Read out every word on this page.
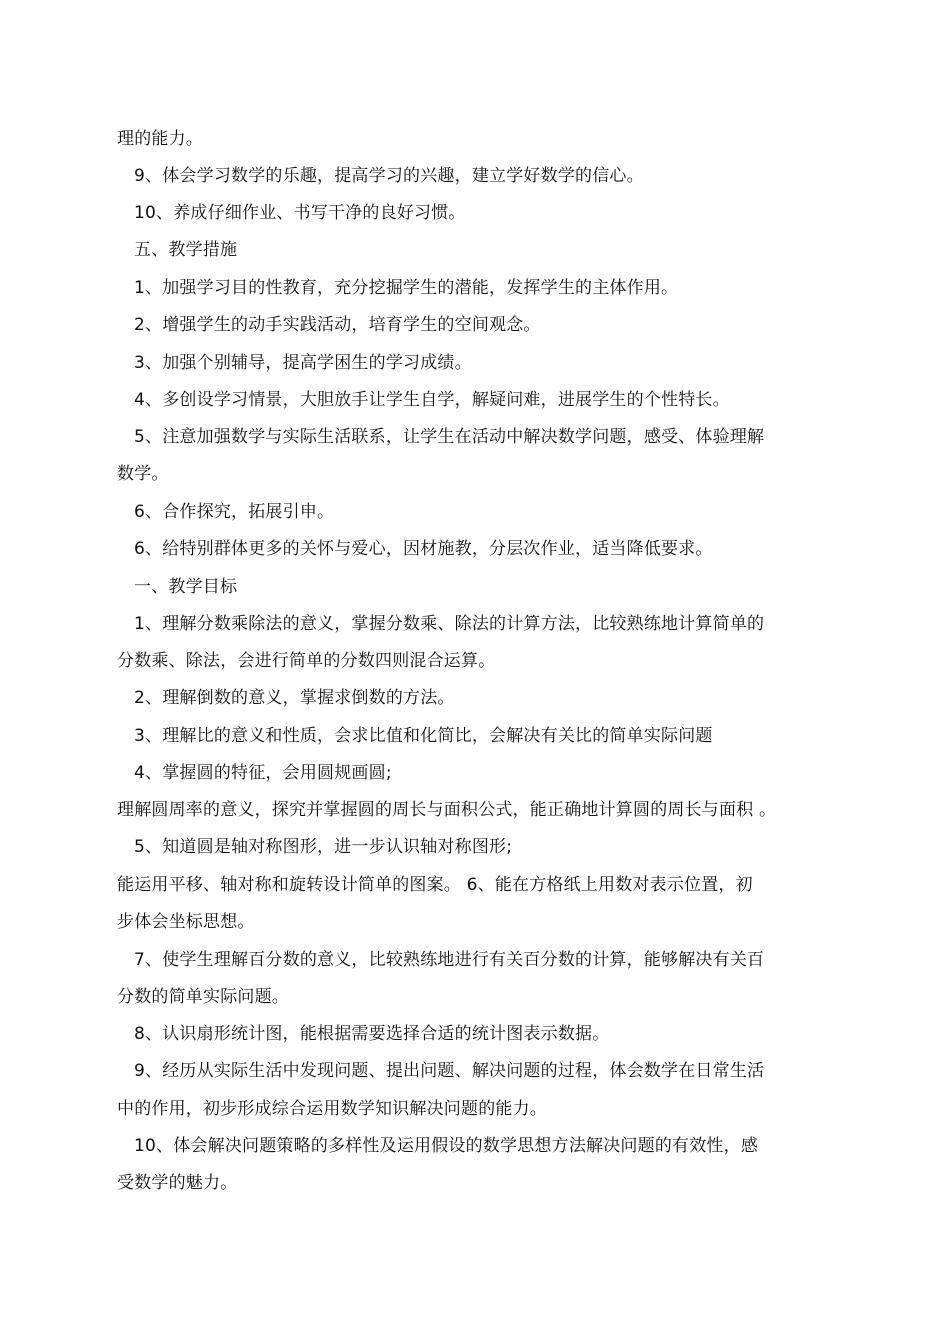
理的能力。
9、体会学习数学的乐趣，提高学习的兴趣，建立学好数学的信心。
10、养成仔细作业、书写干净的良好习惯。
五、教学措施
1、加强学习目的性教育，充分挖掘学生的潜能，发挥学生的主体作用。
2、增强学生的动手实践活动，培育学生的空间观念。
3、加强个别辅导，提高学困生的学习成绩。
4、多创设学习情景，大胆放手让学生自学，解疑问难，进展学生的个性特长。
5、注意加强数学与实际生活联系，让学生在活动中解决数学问题，感受、体验理解
数学。
6、合作探究，拓展引申。
6、给特别群体更多的关怀与爱心，因材施教，分层次作业，适当降低要求。
一、教学目标
1、理解分数乘除法的意义，掌握分数乘、除法的计算方法，比较熟练地计算简单的
分数乘、除法，会进行简单的分数四则混合运算。
2、理解倒数的意义，掌握求倒数的方法。
3、理解比的意义和性质，会求比值和化简比，会解决有关比的简单实际问题
4、掌握圆的特征，会用圆规画圆;
理解圆周率的意义，探究并掌握圆的周长与面积公式，能正确地计算圆的周长与面积 。
5、知道圆是轴对称图形，进一步认识轴对称图形;
能运用平移、轴对称和旋转设计简单的图案。 6、能在方格纸上用数对表示位置，初
步体会坐标思想。
7、使学生理解百分数的意义，比较熟练地进行有关百分数的计算，能够解决有关百
分数的简单实际问题。
8、认识扇形统计图，能根据需要选择合适的统计图表示数据。
9、经历从实际生活中发现问题、提出问题、解决问题的过程，体会数学在日常生活
中的作用，初步形成综合运用数学知识解决问题的能力。
10、体会解决问题策略的多样性及运用假设的数学思想方法解决问题的有效性，感
受数学的魅力。
